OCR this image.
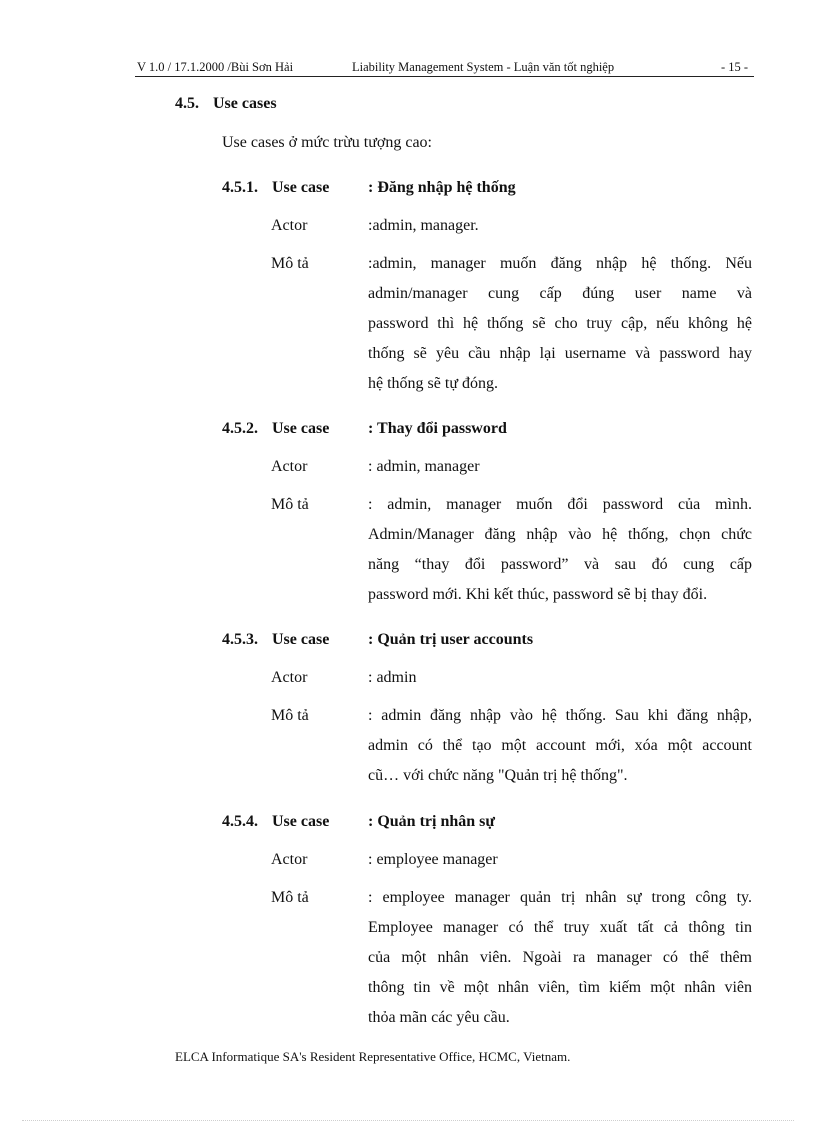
V 1.0 / 17.1.2000 /Bùi Sơn Hải	Liability Management System - Luận văn tốt nghiệp	- 15 -
4.5. Use cases
Use cases ở mức trừu tượng cao:
4.5.1. Use case : Đăng nhập hệ thống
Actor	:admin, manager.
Mô tả	:admin, manager muốn đăng nhập hệ thống. Nếu
admin/manager cung cấp đúng user name và
password thì hệ thống sẽ cho truy cập, nếu không hệ
thống sẽ yêu cầu nhập lại username và password hay
hệ thống sẽ tự đóng.
4.5.2. Use case : Thay đổi password
Actor	: admin, manager
Mô tả	: admin, manager muốn đổi password của mình.
Admin/Manager đăng nhập vào hệ thống, chọn chức
năng “thay đổi password” và sau đó cung cấp
password mới. Khi kết thúc, password sẽ bị thay đổi.
4.5.3. Use case : Quản trị user accounts
Actor	: admin
Mô tả	: admin đăng nhập vào hệ thống. Sau khi đăng nhập,
admin có thể tạo một account mới, xóa một account
cũ… với chức năng "Quản trị hệ thống".
4.5.4. Use case : Quản trị nhân sự
Actor	: employee manager
Mô tả	: employee manager quản trị nhân sự trong công ty.
Employee manager có thể truy xuất tất cả thông tin
của một nhân viên. Ngoài ra manager có thể thêm
thông tin về một nhân viên, tìm kiếm một nhân viên
thỏa mãn các yêu cầu.
ELCA Informatique SA's Resident Representative Office, HCMC, Vietnam.
